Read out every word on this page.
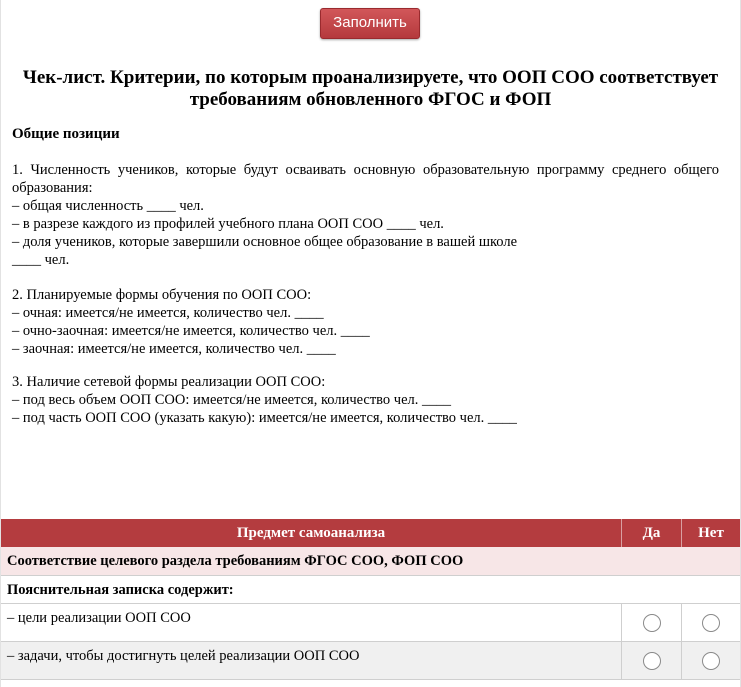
Заполнить
Чек-лист. Критерии, по которым проанализируете, что ООП СОО соответствует
требованиям обновленного ФГОС и ФОП
Общие позиции

1. Численность учеников, которые будут осваивать основную образовательную программу среднего общего образования:

– общая численность ____ чел.

– в разрезе каждого из профилей учебного плана ООП СОО ____ чел.

– доля учеников, которые завершили основное общее образование в вашей школе

____ чел.

2. Планируемые формы обучения по ООП СОО:

– очная: имеется/не имеется, количество чел. ____

– очно-заочная: имеется/не имеется, количество чел. ____

– заочная: имеется/не имеется, количество чел. ____

3. Наличие сетевой формы реализации ООП СОО:

– под весь объем ООП СОО: имеется/не имеется, количество чел. ____

– под часть ООП СОО (указать какую): имеется/не имеется, количество чел. ____

Предмет самоанализа	Да	Нет
Соответствие целевого раздела требованиям ФГОС СОО, ФОП СОО
Пояснительная записка содержит:
– цели реализации ООП СОО
– задачи, чтобы достигнуть целей реализации ООП СОО
